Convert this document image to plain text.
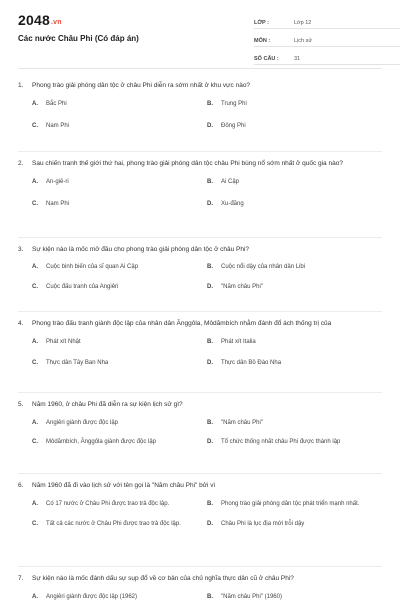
2048.vn
Các nước Châu Phi (Có đáp án)
LỚP :	Lớp 12
MÔN :	Lịch sử
SỐ CÂU :	31
1.	Phong trào giải phóng dân tộc ở châu Phi diễn ra sớm nhất ở khu vực nào?
A.	Bắc Phi	B.	Trung Phi
C.	Nam Phi	D.	Đông Phi
2.	Sau chiến tranh thế giới thứ hai, phong trào giải phóng dân tộc châu Phi bùng nổ sớm nhất ở quốc gia nào?
A.	An-giê-ri	B.	Ai Cập
C.	Nam Phi	D.	Xu-đăng
3.	Sự kiện nào là mốc mở đầu cho phong trào giải phóng dân tộc ở châu Phi?
A.	Cuộc binh biến của sĩ quan Ai Cập	B.	Cuộc nổi dậy của nhân dân Libi
C.	Cuộc đấu tranh của Angiêri	D.	"Năm châu Phi"
4.	Phong trào đấu tranh giành độc lập của nhân dân Ănggôla, Môdămbích nhằm đánh đổ ách thống trị của
A.	Phát xít Nhật	B.	Phát xít Italia
C.	Thực dân Tây Ban Nha	D.	Thực dân Bồ Đào Nha
5.	Năm 1960, ở châu Phi đã diễn ra sự kiện lịch sử gì?
A.	Angiêri giành được độc lập	B.	"Năm châu Phi"
C.	Môdămbích, Ănggôla giành được độc lập	D.	Tổ chức thống nhất châu Phi được thành lập
6.	Năm 1960 đã đi vào lịch sử với tên gọi là "Năm châu Phi" bởi vì
A.	Có 17 nước ở Châu Phi được trao trả độc lập.	B.	Phong trào giải phóng dân tộc phát triển mạnh nhất.
C.	Tất cả các nước ở Châu Phi được trao trả độc lập.	D.	Châu Phi là lục địa mới trỗi dậy
7.	Sự kiện nào là mốc đánh dấu sự sụp đổ về cơ bản của chủ nghĩa thực dân cũ ở châu Phi?
A.	Angiêri giành được độc lập (1962)	B.	"Năm châu Phi" (1960)
